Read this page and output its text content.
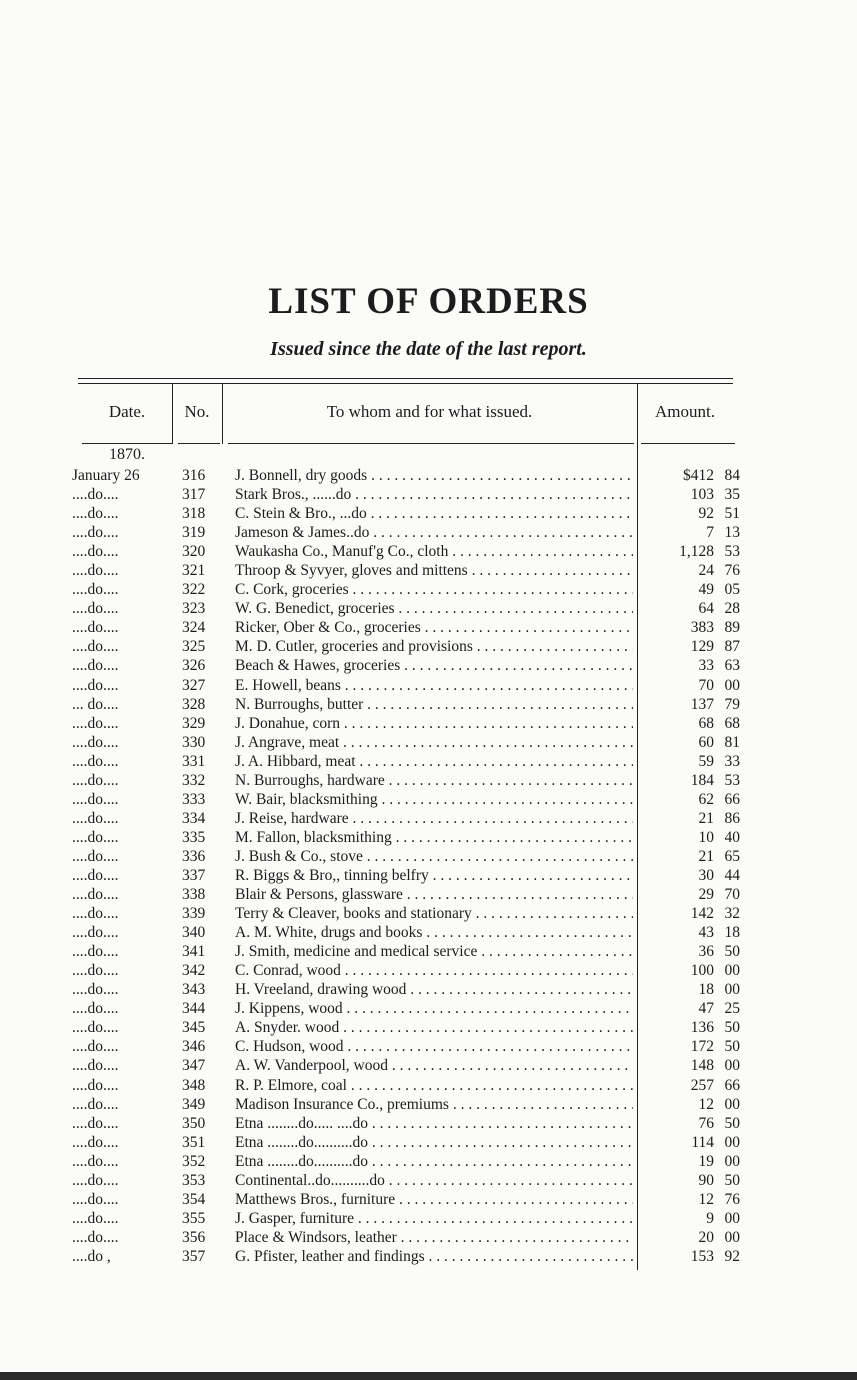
LIST OF ORDERS
Issued since the date of the last report.
Date.	No.	To whom and for what issued.	Amount.
1870.
January 26	316	J. Bonnell, dry goods . . .	$412 84
....do....	317	Stark Bros., ......do . . .	103 35
....do....	318	C. Stein & Bro., ...do . . .	92 51
....do....	319	Jameson & James..do . . .	7 13
....do....	320	Waukasha Co., Manuf'g Co., cloth . . .	1,128 53
....do....	321	Throop & Syvyer, gloves and mittens . . .	24 76
....do....	322	C. Cork, groceries . . .	49 05
....do....	323	W. G. Benedict, groceries . . .	64 28
....do....	324	Ricker, Ober & Co., groceries . . .	383 89
....do....	325	M. D. Cutler, groceries and provisions . . .	129 87
....do....	326	Beach & Hawes, groceries . . .	33 63
....do....	327	E. Howell, beans . . .	70 00
... do....	328	N. Burroughs, butter . . .	137 79
....do....	329	J. Donahue, corn . . .	68 68
....do....	330	J. Angrave, meat . . .	60 81
....do....	331	J. A. Hibbard, meat . . .	59 33
....do....	332	N. Burroughs, hardware . . .	184 53
....do....	333	W. Bair, blacksmithing . . .	62 66
....do....	334	J. Reise, hardware . . .	21 86
....do....	335	M. Fallon, blacksmithing . . .	10 40
....do....	336	J. Bush & Co., stove . . .	21 65
....do....	337	R. Biggs & Bro,, tinning belfry . . .	30 44
....do....	338	Blair & Persons, glassware . . .	29 70
....do....	339	Terry & Cleaver, books and stationary . . .	142 32
....do....	340	A. M. White, drugs and books . . .	43 18
....do....	341	J. Smith, medicine and medical service . . .	36 50
....do....	342	C. Conrad, wood . . .	100 00
....do....	343	H. Vreeland, drawing wood . . .	18 00
....do....	344	J. Kippens, wood . . .	47 25
....do....	345	A. Snyder. wood . . .	136 50
....do....	346	C. Hudson, wood . . .	172 50
....do....	347	A. W. Vanderpool, wood . . .	148 00
....do....	348	R. P. Elmore, coal . . .	257 66
....do....	349	Madison Insurance Co., premiums . . .	12 00
....do....	350	Etna ........do..... ....do . . .	76 50
....do....	351	Etna ........do..........do . . .	114 00
....do....	352	Etna ........do..........do . . .	19 00
....do....	353	Continental..do..........do . . .	90 50
....do....	354	Matthews Bros., furniture . . .	12 76
....do....	355	J. Gasper, furniture . . .	9 00
....do....	356	Place & Windsors, leather . . .	20 00
....do ,	357	G. Pfister, leather and findings . . .	153 92
